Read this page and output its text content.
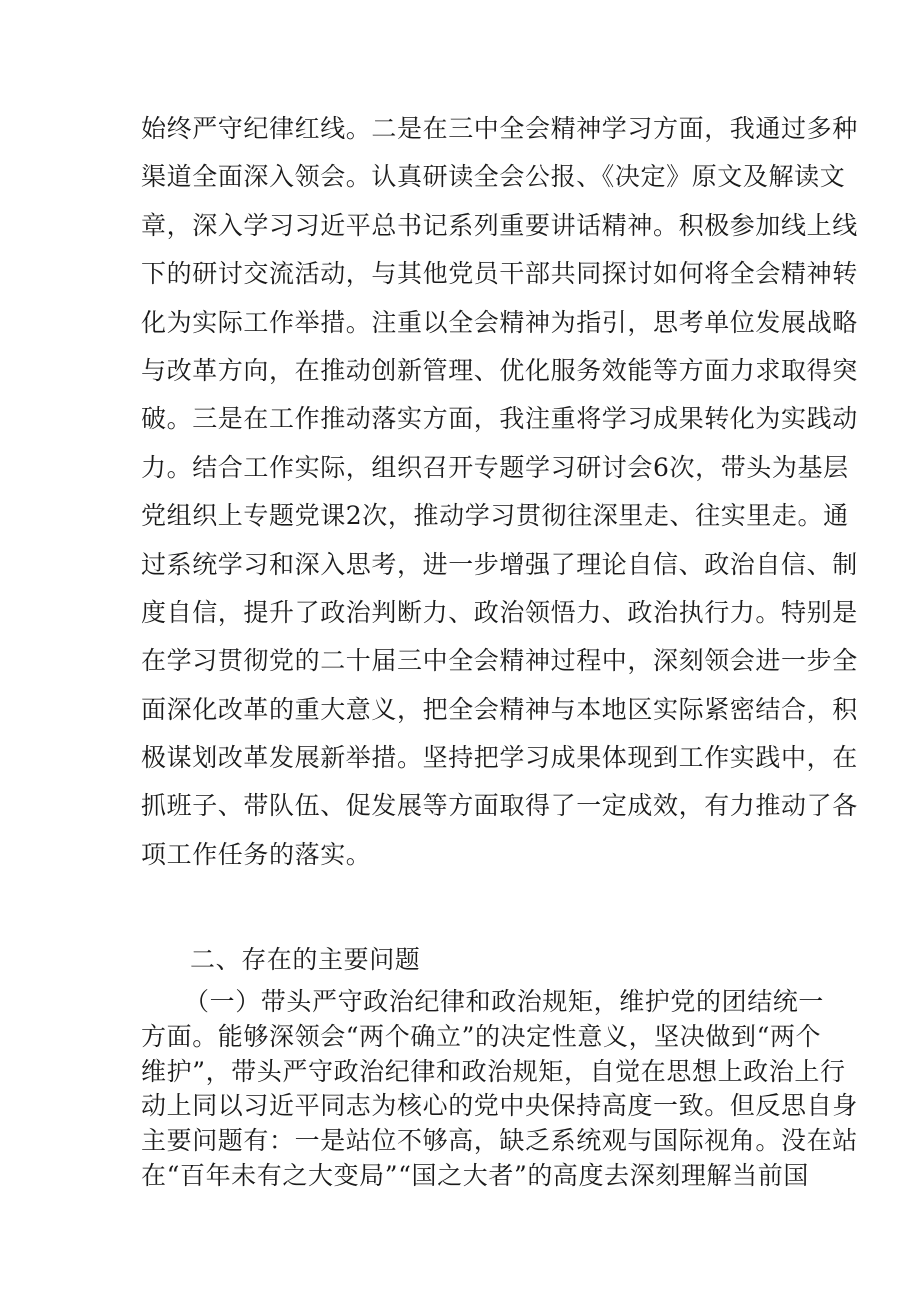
始终严守纪律红线。二是在三中全会精神学习方面，我通过多种
渠道全面深入领会。认真研读全会公报、《决定》原文及解读文
章，深入学习习近平总书记系列重要讲话精神。积极参加线上线
下的研讨交流活动，与其他党员干部共同探讨如何将全会精神转
化为实际工作举措。注重以全会精神为指引，思考单位发展战略
与改革方向，在推动创新管理、优化服务效能等方面力求取得突
破。三是在工作推动落实方面，我注重将学习成果转化为实践动
力。结合工作实际，组织召开专题学习研讨会6次，带头为基层
党组织上专题党课2次，推动学习贯彻往深里走、往实里走。通
过系统学习和深入思考，进一步增强了理论自信、政治自信、制
度自信，提升了政治判断力、政治领悟力、政治执行力。特别是
在学习贯彻党的二十届三中全会精神过程中，深刻领会进一步全
面深化改革的重大意义，把全会精神与本地区实际紧密结合，积
极谋划改革发展新举措。坚持把学习成果体现到工作实践中，在
抓班子、带队伍、促发展等方面取得了一定成效，有力推动了各
项工作任务的落实。
二、存在的主要问题
（一）带头严守政治纪律和政治规矩，维护党的团结统一
方面。能够深领会“两个确立”的决定性意义，坚决做到“两个
维护”，带头严守政治纪律和政治规矩，自觉在思想上政治上行
动上同以习近平同志为核心的党中央保持高度一致。但反思自身
主要问题有：一是站位不够高，缺乏系统观与国际视角。没在站
在“百年未有之大变局”“国之大者”的高度去深刻理解当前国
